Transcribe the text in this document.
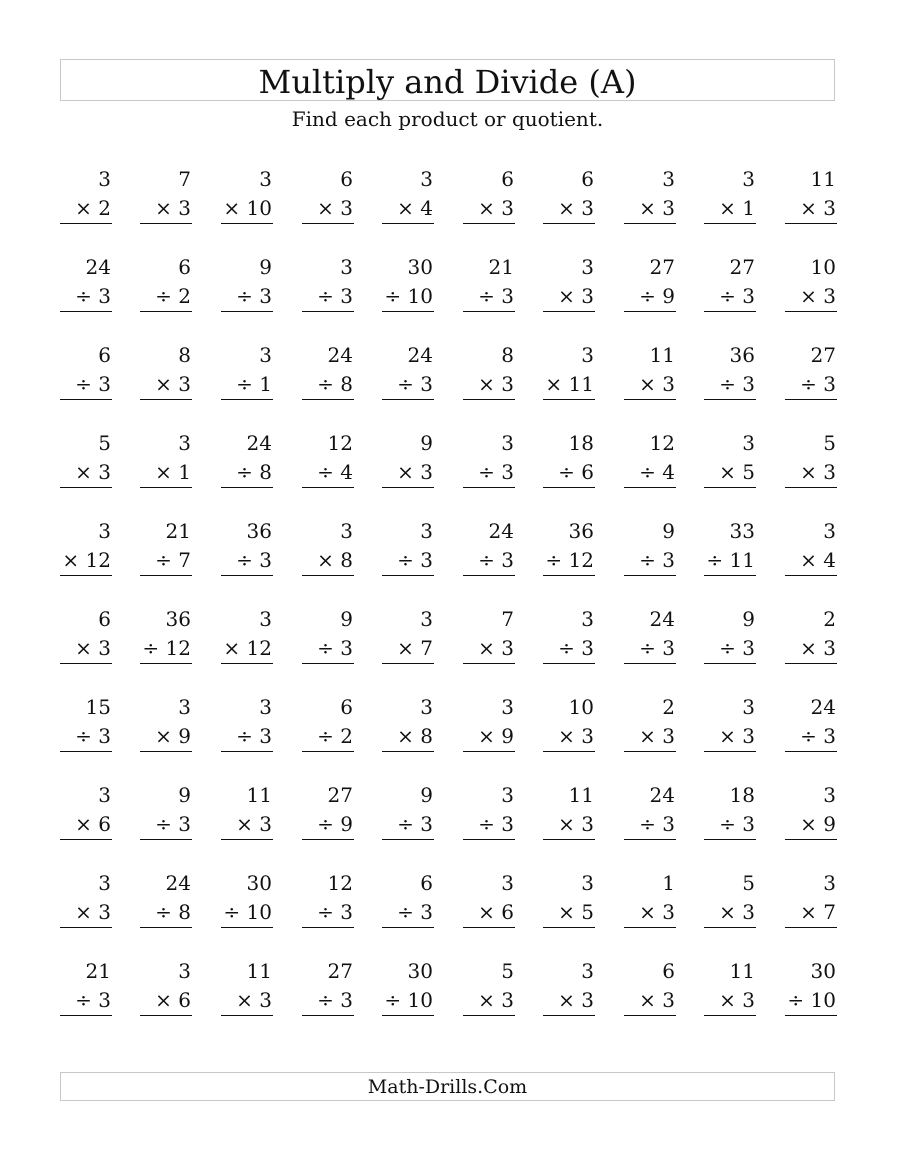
Multiply and Divide (A)
Find each product or quotient.
3
× 2
7
× 3
3
× 10
6
× 3
3
× 4
6
× 3
6
× 3
3
× 3
3
× 1
11
× 3
24
÷ 3
6
÷ 2
9
÷ 3
3
÷ 3
30
÷ 10
21
÷ 3
3
× 3
27
÷ 9
27
÷ 3
10
× 3
6
÷ 3
8
× 3
3
÷ 1
24
÷ 8
24
÷ 3
8
× 3
3
× 11
11
× 3
36
÷ 3
27
÷ 3
5
× 3
3
× 1
24
÷ 8
12
÷ 4
9
× 3
3
÷ 3
18
÷ 6
12
÷ 4
3
× 5
5
× 3
3
× 12
21
÷ 7
36
÷ 3
3
× 8
3
÷ 3
24
÷ 3
36
÷ 12
9
÷ 3
33
÷ 11
3
× 4
6
× 3
36
÷ 12
3
× 12
9
÷ 3
3
× 7
7
× 3
3
÷ 3
24
÷ 3
9
÷ 3
2
× 3
15
÷ 3
3
× 9
3
÷ 3
6
÷ 2
3
× 8
3
× 9
10
× 3
2
× 3
3
× 3
24
÷ 3
3
× 6
9
÷ 3
11
× 3
27
÷ 9
9
÷ 3
3
÷ 3
11
× 3
24
÷ 3
18
÷ 3
3
× 9
3
× 3
24
÷ 8
30
÷ 10
12
÷ 3
6
÷ 3
3
× 6
3
× 5
1
× 3
5
× 3
3
× 7
21
÷ 3
3
× 6
11
× 3
27
÷ 3
30
÷ 10
5
× 3
3
× 3
6
× 3
11
× 3
30
÷ 10
Math-Drills.Com
